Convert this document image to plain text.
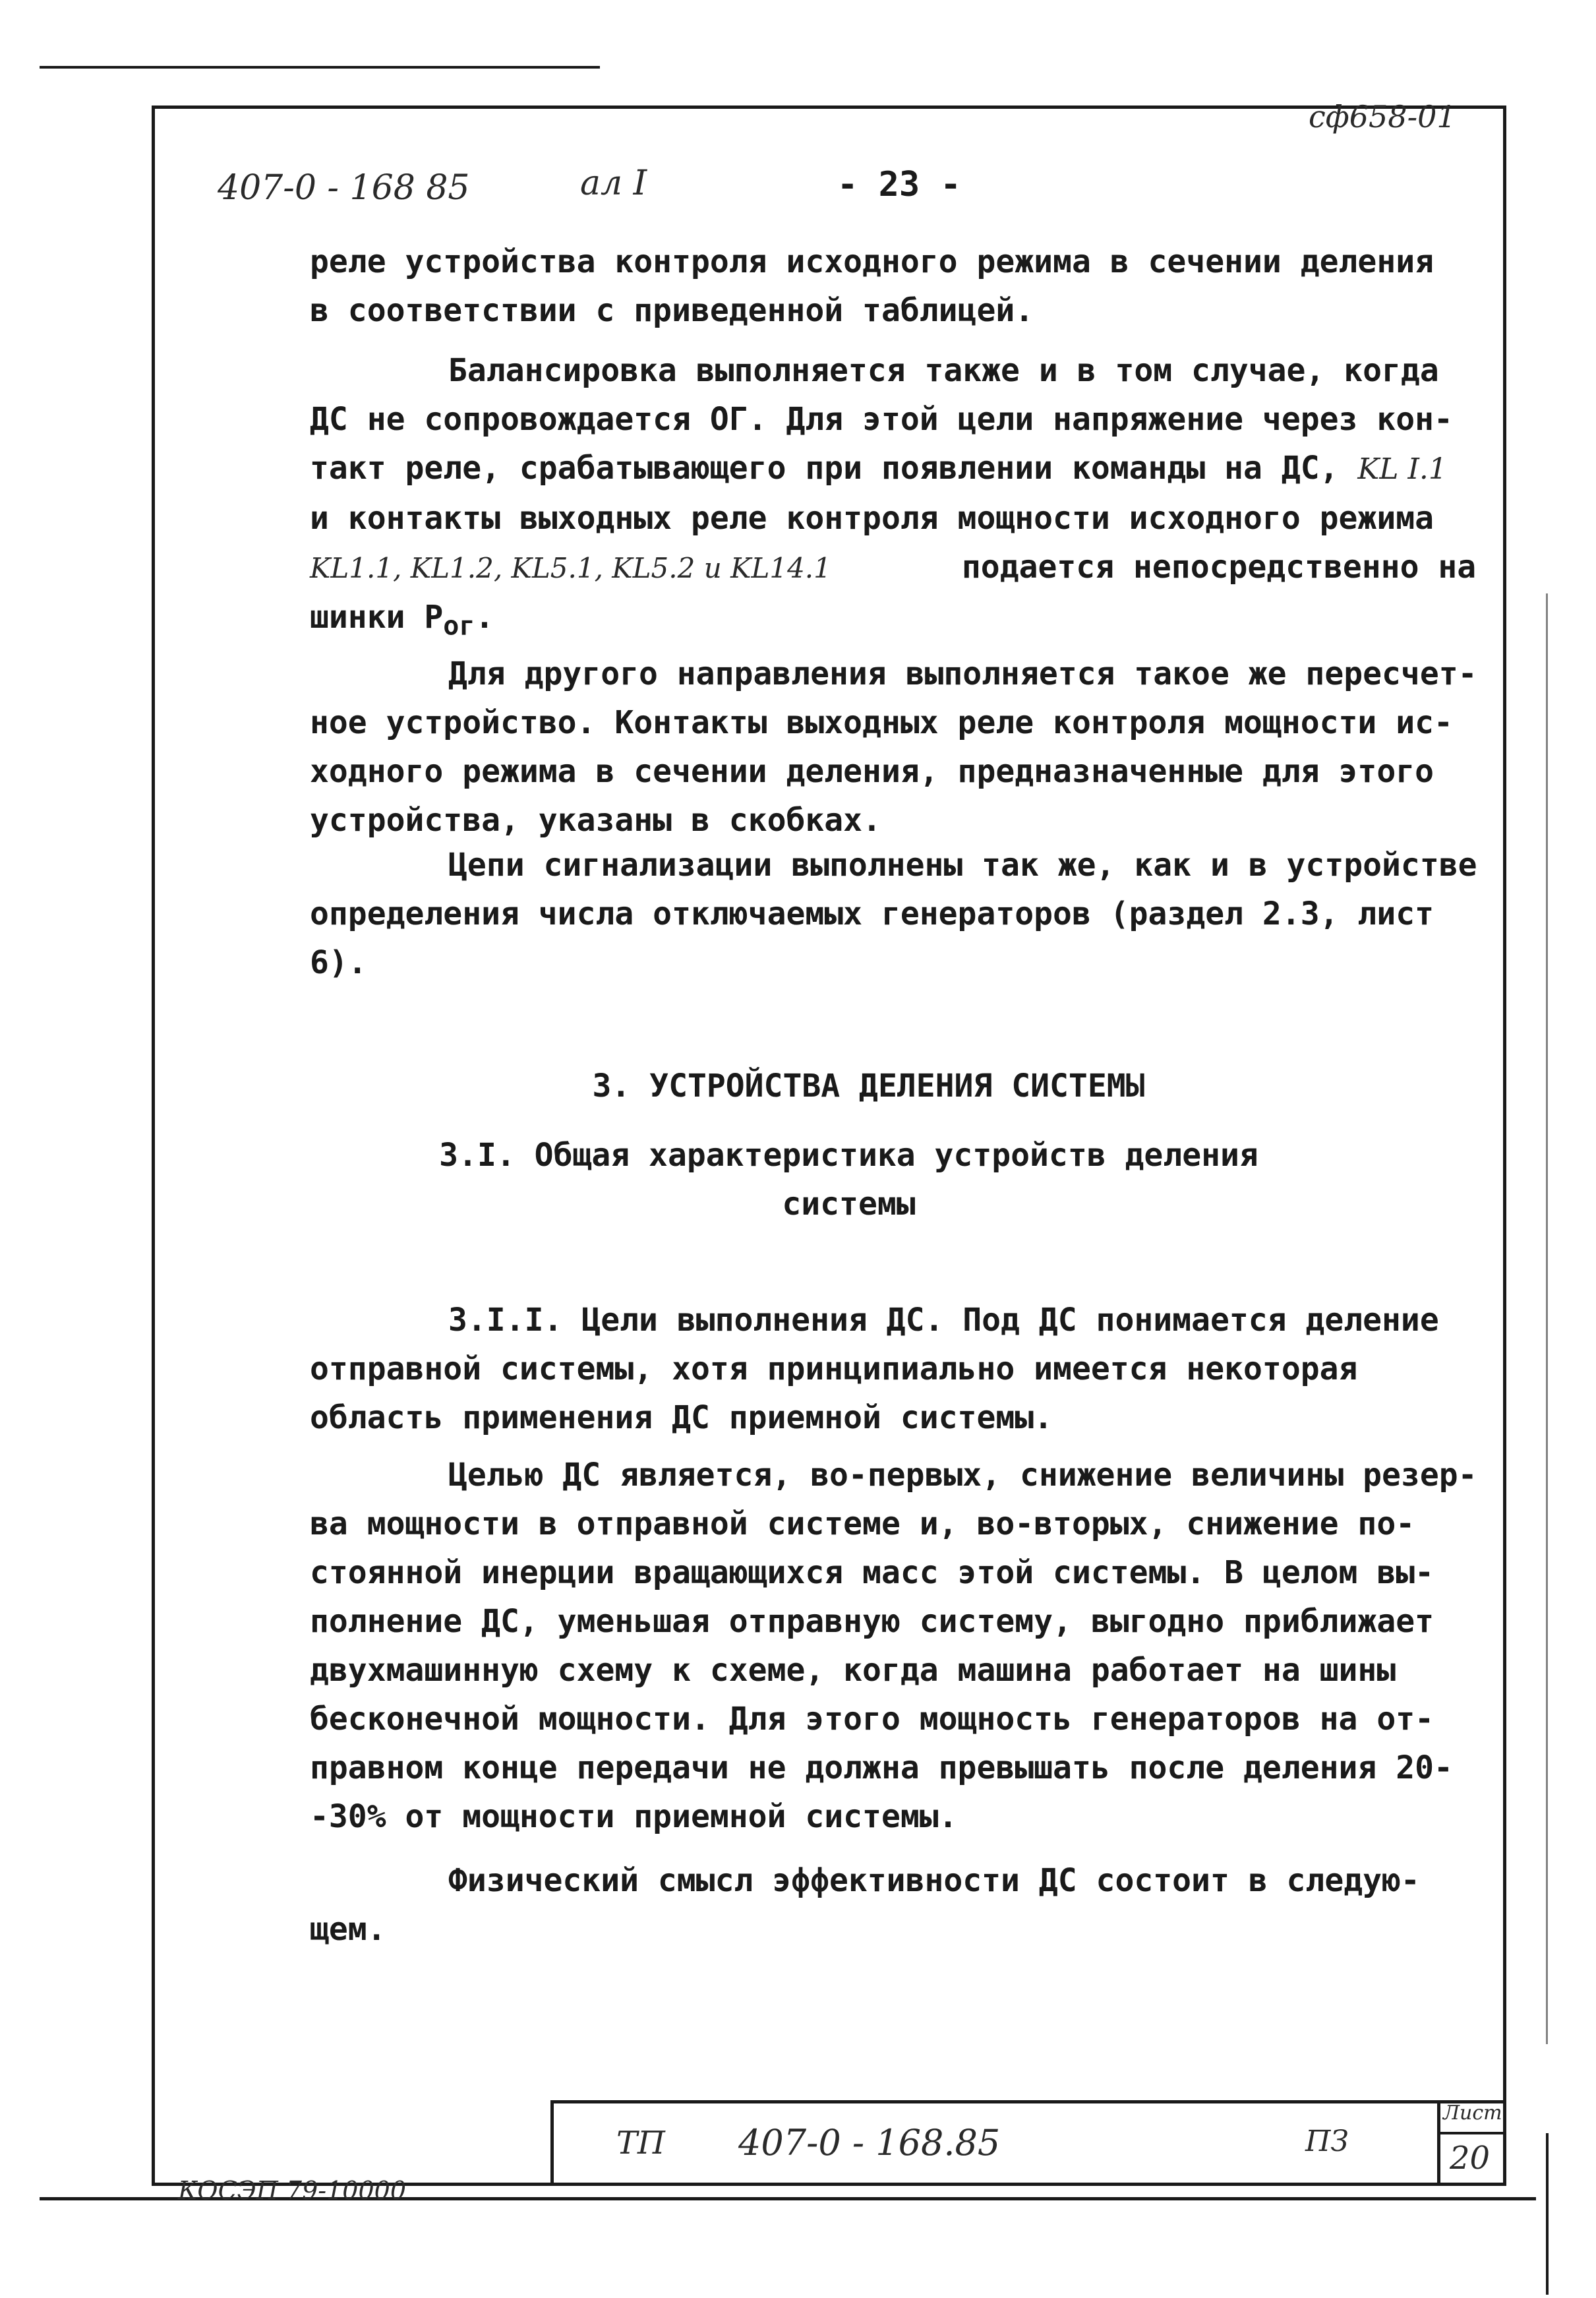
сф658-01
407-0 - 168 85	ал I	- 23 -
реле устройства контроля исходного режима в сечении деления
в соответствии с приведенной таблицей.
Балансировка выполняется также и в том случае, когда
ДС не сопровождается ОГ. Для этой цели напряжение через кон-
такт реле, срабатывающего при появлении команды на ДС, KL I.1
и контакты выходных реле контроля мощности исходного режима
KL1.1, KL1.2, KL5.1, KL5.2 и KL14.1	подается непосредственно на
шинки $P_{ог}$.
Для другого направления выполняется такое же пересчет-
ное устройство. Контакты выходных реле контроля мощности ис-
ходного режима в сечении деления, предназначенные для этого
устройства, указаны в скобках.
Цепи сигнализации выполнены так же, как и в устройстве
определения числа отключаемых генераторов (раздел 2.3, лист
6).
3. УСТРОЙСТВА ДЕЛЕНИЯ СИСТЕМЫ
3.I. Общая характеристика устройств деления
системы
3.I.I. Цели выполнения ДС. Под ДС понимается деление
отправной системы, хотя принципиально имеется некоторая
область применения ДС приемной системы.
Целью ДС является, во-первых, снижение величины резер-
ва мощности в отправной системе и, во-вторых, снижение по-
стоянной инерции вращающихся масс этой системы. В целом вы-
полнение ДС, уменьшая отправную систему, выгодно приближает
двухмашинную схему к схеме, когда машина работает на шины
бесконечной мощности. Для этого мощность генераторов на от-
правном конце передачи не должна превышать после деления 20-
-30% от мощности приемной системы.
Физический смысл эффективности ДС состоит в следую-
щем.
ТП 407-0 - 168.85	ПЗ
Лист
20
КОСЭП 79-10000
